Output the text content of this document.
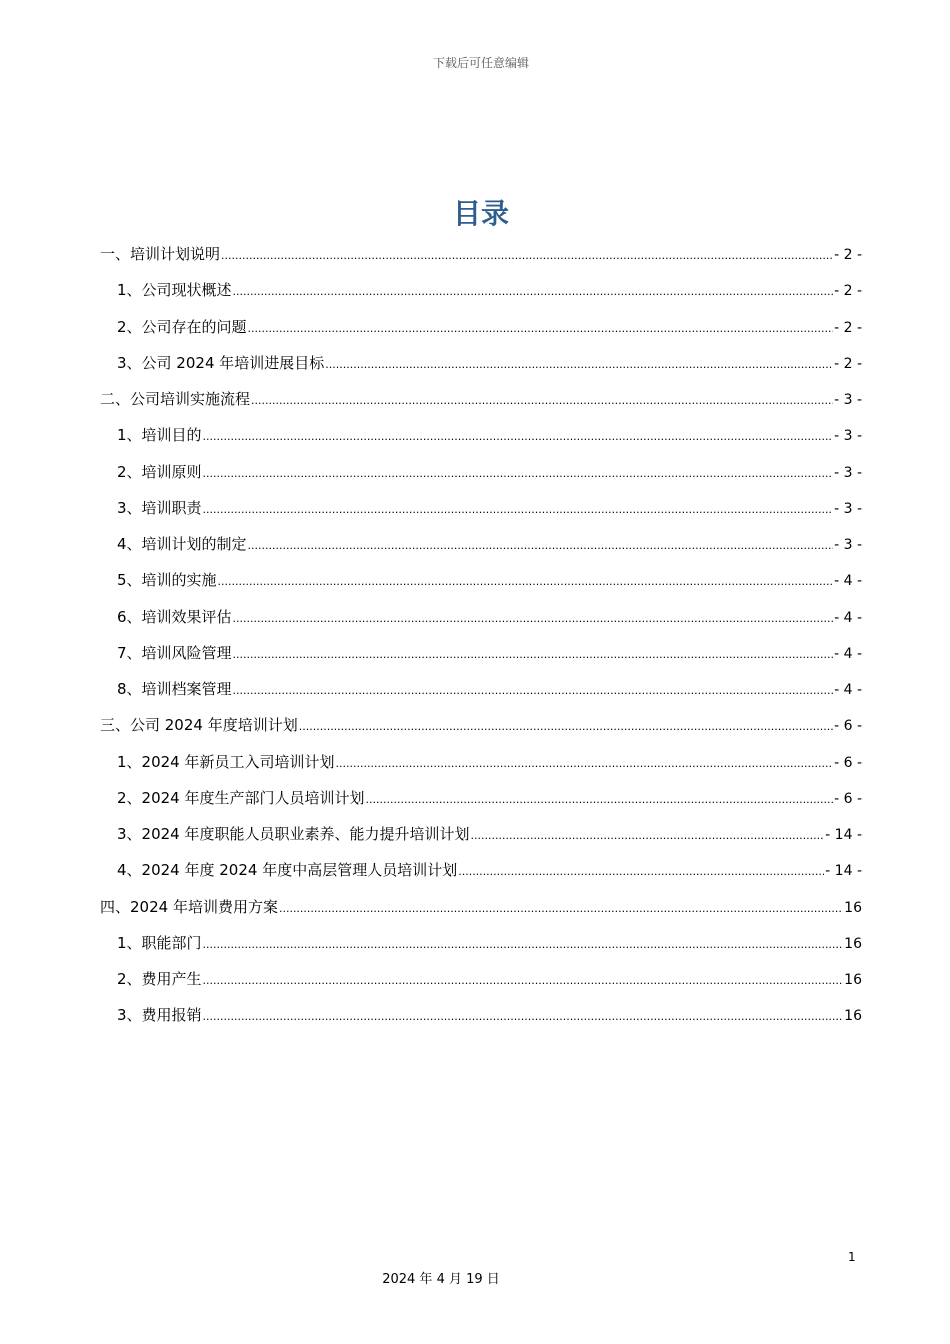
下载后可任意编辑
目录
一、培训计划说明 .....	- 2 -
1、公司现状概述 .....	- 2 -
2、公司存在的问题 .....	- 2 -
3、公司 2024 年培训进展目标 .....	- 2 -
二、公司培训实施流程 .....	- 3 -
1、培训目的 .....	- 3 -
2、培训原则 .....	- 3 -
3、培训职责 .....	- 3 -
4、培训计划的制定 .....	- 3 -
5、培训的实施 .....	- 4 -
6、培训效果评估 .....	- 4 -
7、培训风险管理 .....	- 4 -
8、培训档案管理 .....	- 4 -
三、公司 2024 年度培训计划 .....	- 6 -
1、2024 年新员工入司培训计划 .....	- 6 -
2、2024 年度生产部门人员培训计划 .....	- 6 -
3、2024 年度职能人员职业素养、能力提升培训计划 .....	- 14 -
4、2024 年度 2024 年度中高层管理人员培训计划 .....	- 14 -
四、2024 年培训费用方案 .....	16
1、职能部门 .....	16
2、费用产生 .....	16
3、费用报销 .....	16
1
2024 年 4 月 19 日
